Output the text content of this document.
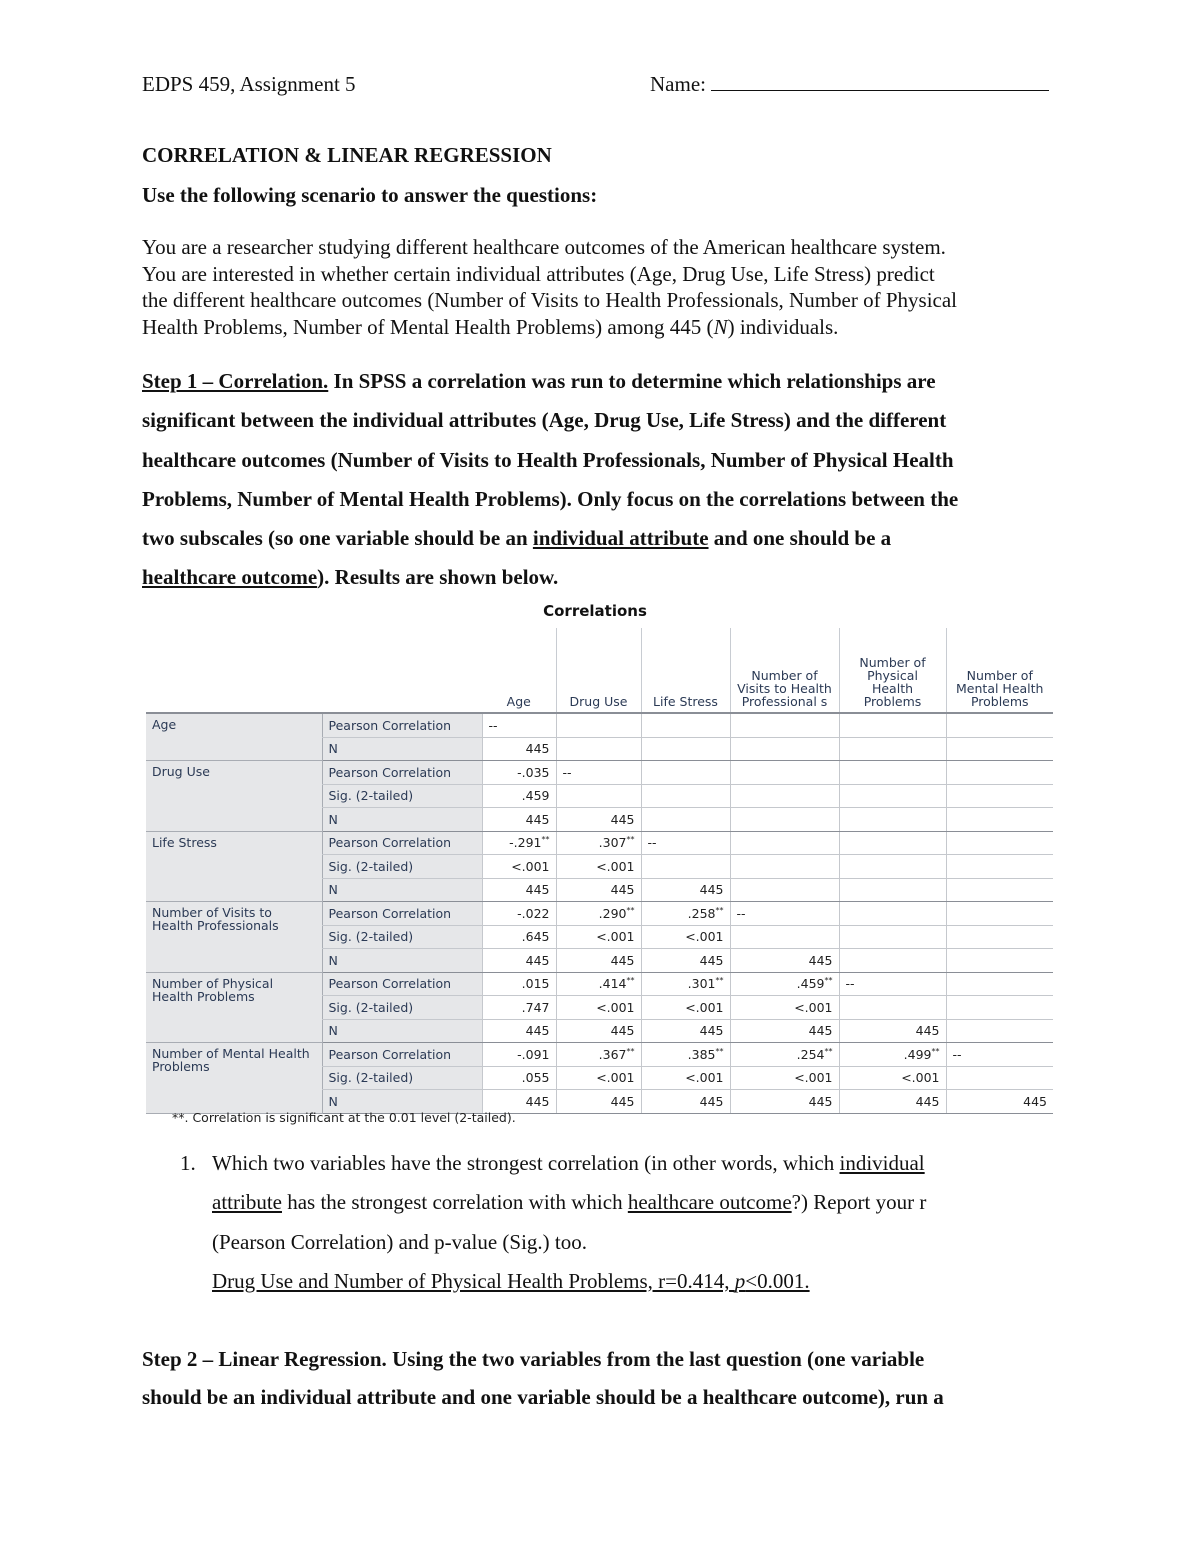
EDPS 459, Assignment 5	Name:
CORRELATION & LINEAR REGRESSION
Use the following scenario to answer the questions:
You are a researcher studying different healthcare outcomes of the American healthcare system.
You are interested in whether certain individual attributes (Age, Drug Use, Life Stress) predict
the different healthcare outcomes (Number of Visits to Health Professionals, Number of Physical
Health Problems, Number of Mental Health Problems) among 445 (N) individuals.
Step 1 – Correlation. In SPSS a correlation was run to determine which relationships are
significant between the individual attributes (Age, Drug Use, Life Stress) and the different
healthcare outcomes (Number of Visits to Health Professionals, Number of Physical Health
Problems, Number of Mental Health Problems). Only focus on the correlations between the
two subscales (so one variable should be an individual attribute and one should be a
healthcare outcome). Results are shown below.
Correlations
		Age	Drug Use	Life Stress	Number of Visits to Health Professional s	Number of Physical Health Problems	Number of Mental Health Problems
Age	Pearson Correlation	--					
	N	445					
Drug Use	Pearson Correlation	-.035	--				
	Sig. (2-tailed)	.459					
	N	445	445				
Life Stress	Pearson Correlation	-.291**	.307**	--			
	Sig. (2-tailed)	<.001	<.001				
	N	445	445	445			
Number of Visits to Health Professionals	Pearson Correlation	-.022	.290**	.258**	--		
	Sig. (2-tailed)	.645	<.001	<.001			
	N	445	445	445	445		
Number of Physical Health Problems	Pearson Correlation	.015	.414**	.301**	.459**	--	
	Sig. (2-tailed)	.747	<.001	<.001	<.001		
	N	445	445	445	445	445	
Number of Mental Health Problems	Pearson Correlation	-.091	.367**	.385**	.254**	.499**	--
	Sig. (2-tailed)	.055	<.001	<.001	<.001	<.001	
	N	445	445	445	445	445	445
**. Correlation is significant at the 0.01 level (2-tailed).
1. Which two variables have the strongest correlation (in other words, which individual
attribute has the strongest correlation with which healthcare outcome?) Report your r
(Pearson Correlation) and p-value (Sig.) too.
Drug Use and Number of Physical Health Problems, r=0.414, p<0.001.
Step 2 – Linear Regression. Using the two variables from the last question (one variable
should be an individual attribute and one variable should be a healthcare outcome), run a
